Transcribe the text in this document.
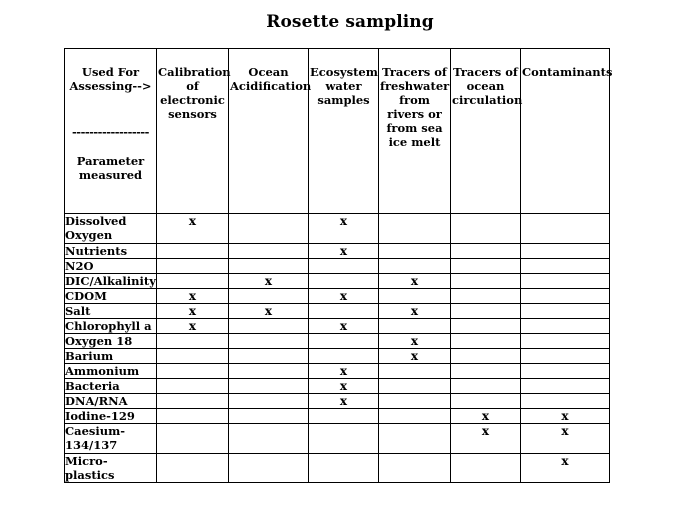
Rosette sampling
Used For Assessing-->
------------------
Parameter measured	Calibration of electronic sensors	Ocean Acidification	Ecosystem water samples	Tracers of freshwater from rivers or from sea ice melt	Tracers of ocean circulation	Contaminants
Dissolved Oxygen	x		x			
Nutrients			x			
N2O						
DIC/Alkalinity		x		x		
CDOM	x		x			
Salt	x	x		x		
Chlorophyll a	x		x			
Oxygen 18				x		
Barium				x		
Ammonium			x			
Bacteria			x			
DNA/RNA			x			
Iodine-129					x	x
Caesium-134/137					x	x
Micro-plastics						x
